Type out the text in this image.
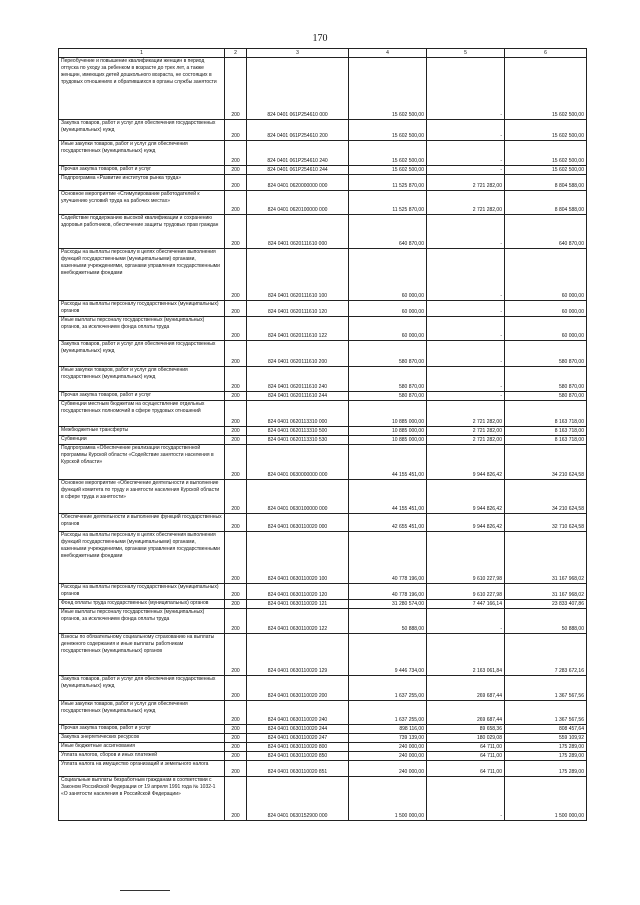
170
1	2	3	4	5	6
Переобучение и повышение квалификации женщин в период отпуска по уходу за ребенком в возрасте до трех лет, а также женщин, имеющих детей дошкольного возраста, не состоящих в трудовых отношениях и обратившихся в органы службы занятости	200	824 0401 061P254610 000	15 602 500,00	-	15 602 500,00
Закупка товаров, работ и услуг для обеспечения государственных (муниципальных) нужд	200	824 0401 061P254610 200	15 602 500,00	-	15 602 500,00
Иные закупки товаров, работ и услуг для обеспечения государственных (муниципальных) нужд	200	824 0401 061P254610 240	15 602 500,00	-	15 602 500,00
Прочая закупка товаров, работ и услуг	200	824 0401 061P254610 244	15 602 500,00	-	15 602 500,00
Подпрограмма «Развитие институтов рынка труда»	200	824 0401 0620000000 000	11 525 870,00	2 721 282,00	8 804 588,00
Основное мероприятие «Стимулирование работодателей к улучшению условий труда на рабочих местах»	200	824 0401 0620100000 000	11 525 870,00	2 721 282,00	8 804 588,00
Содействие поддержанию высокой квалификации и сохранению здоровья работников, обеспечение защиты трудовых прав граждан	200	824 0401 0620111610 000	640 870,00	-	640 870,00
Расходы на выплаты персоналу в целях обеспечения выполнения функций государственными (муниципальными) органами, казенными учреждениями, органами управления государственными внебюджетными фондами	200	824 0401 0620111610 100	60 000,00	-	60 000,00
Расходы на выплаты персоналу государственных (муниципальных) органов	200	824 0401 0620111610 120	60 000,00	-	60 000,00
Иные выплаты персоналу государственных (муниципальных) органов, за исключением фонда оплаты труда	200	824 0401 0620111610 122	60 000,00	-	60 000,00
Закупка товаров, работ и услуг для обеспечения государственных (муниципальных) нужд	200	824 0401 0620111610 200	580 870,00	-	580 870,00
Иные закупки товаров, работ и услуг для обеспечения государственных (муниципальных) нужд	200	824 0401 0620111610 240	580 870,00	-	580 870,00
Прочая закупка товаров, работ и услуг	200	824 0401 0620111610 244	580 870,00	-	580 870,00
Субвенции местным бюджетам на осуществление отдельных государственных полномочий в сфере трудовых отношений	200	824 0401 0620113310 000	10 885 000,00	2 721 282,00	8 163 718,00
Межбюджетные трансферты	200	824 0401 0620113310 500	10 885 000,00	2 721 282,00	8 163 718,00
Субвенции	200	824 0401 0620113310 530	10 885 000,00	2 721 282,00	8 163 718,00
Подпрограмма «Обеспечение реализации государственной программы Курской области «Содействие занятости населения в Курской области»	200	824 0401 0630000000 000	44 155 451,00	9 944 826,42	34 210 624,58
Основное мероприятие «Обеспечение деятельности и выполнение функций комитета по труду и занятости населения Курской области в сфере труда и занятости»	200	824 0401 0630100000 000	44 155 451,00	9 944 826,42	34 210 624,58
Обеспечение деятельности и выполнение функций государственных органов	200	824 0401 0630110020 000	42 655 451,00	9 944 826,42	32 710 624,58
Расходы на выплаты персоналу в целях обеспечения выполнения функций государственными (муниципальными) органами, казенными учреждениями, органами управления государственными внебюджетными фондами	200	824 0401 0630110020 100	40 778 196,00	9 610 227,98	31 167 968,02
Расходы на выплаты персоналу государственных (муниципальных) органов	200	824 0401 0630110020 120	40 778 196,00	9 610 227,98	31 167 968,02
Фонд оплаты труда государственных (муниципальных) органов	200	824 0401 0630110020 121	31 280 574,00	7 447 166,14	23 833 407,86
Иные выплаты персоналу государственных (муниципальных) органов, за исключением фонда оплаты труда	200	824 0401 0630110020 122	50 888,00	-	50 888,00
Взносы по обязательному социальному страхованию на выплаты денежного содержания и иные выплаты работникам государственных (муниципальных) органов	200	824 0401 0630110020 129	9 446 734,00	2 163 061,84	7 283 672,16
Закупка товаров, работ и услуг для обеспечения государственных (муниципальных) нужд	200	824 0401 0630110020 200	1 637 255,00	269 687,44	1 367 567,56
Иные закупки товаров, работ и услуг для обеспечения государственных (муниципальных) нужд	200	824 0401 0630110020 240	1 637 255,00	269 687,44	1 367 567,56
Прочая закупка товаров, работ и услуг	200	824 0401 0630110020 244	898 116,00	89 658,36	808 457,64
Закупка энергетических ресурсов	200	824 0401 0630110020 247	739 139,00	180 029,08	559 109,92
Иные бюджетные ассигнования	200	824 0401 0630110020 800	240 000,00	64 711,00	175 289,00
Уплата налогов, сборов и иных платежей	200	824 0401 0630110020 850	240 000,00	64 711,00	175 289,00
Уплата налога на имущество организаций и земельного налога	200	824 0401 0630110020 851	240 000,00	64 711,00	175 289,00
Социальные выплаты безработным гражданам в соответствии с Законом Российской Федерации от 19 апреля 1991 года № 1032-1 «О занятости населения в Российской Федерации»	200	824 0401 0630152900 000	1 500 000,00	-	1 500 000,00
